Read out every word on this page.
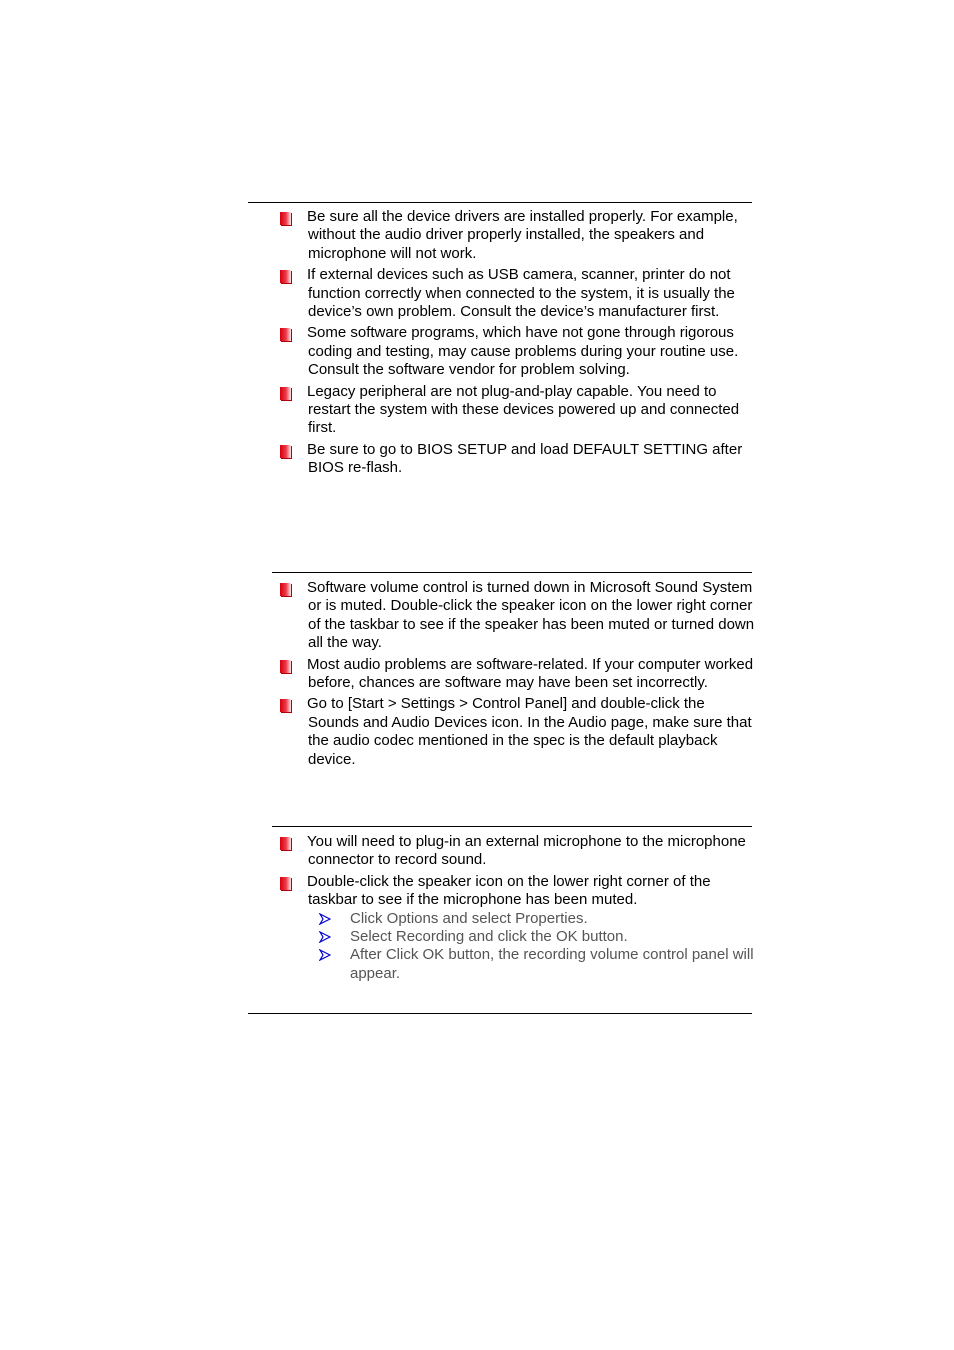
Be sure all the device drivers are installed properly. For example, without the audio driver properly installed, the speakers and microphone will not work.
If external devices such as USB camera, scanner, printer do not function correctly when connected to the system, it is usually the device’s own problem. Consult the device’s manufacturer first.
Some software programs, which have not gone through rigorous coding and testing, may cause problems during your routine use. Consult the software vendor for problem solving.
Legacy peripheral are not plug-and-play capable. You need to restart the system with these devices powered up and connected first.
Be sure to go to BIOS SETUP and load DEFAULT SETTING after BIOS re-flash.
Software volume control is turned down in Microsoft Sound System or is muted. Double-click the speaker icon on the lower right corner of the taskbar to see if the speaker has been muted or turned down all the way.
Most audio problems are software-related. If your computer worked before, chances are software may have been set incorrectly.
Go to [Start > Settings > Control Panel] and double-click the Sounds and Audio Devices icon. In the Audio page, make sure that the audio codec mentioned in the spec is the default playback device.
You will need to plug-in an external microphone to the microphone connector to record sound.
Double-click the speaker icon on the lower right corner of the taskbar to see if the microphone has been muted.
Click Options and select Properties.
Select Recording and click the OK button.
After Click OK button, the recording volume control panel will appear.
